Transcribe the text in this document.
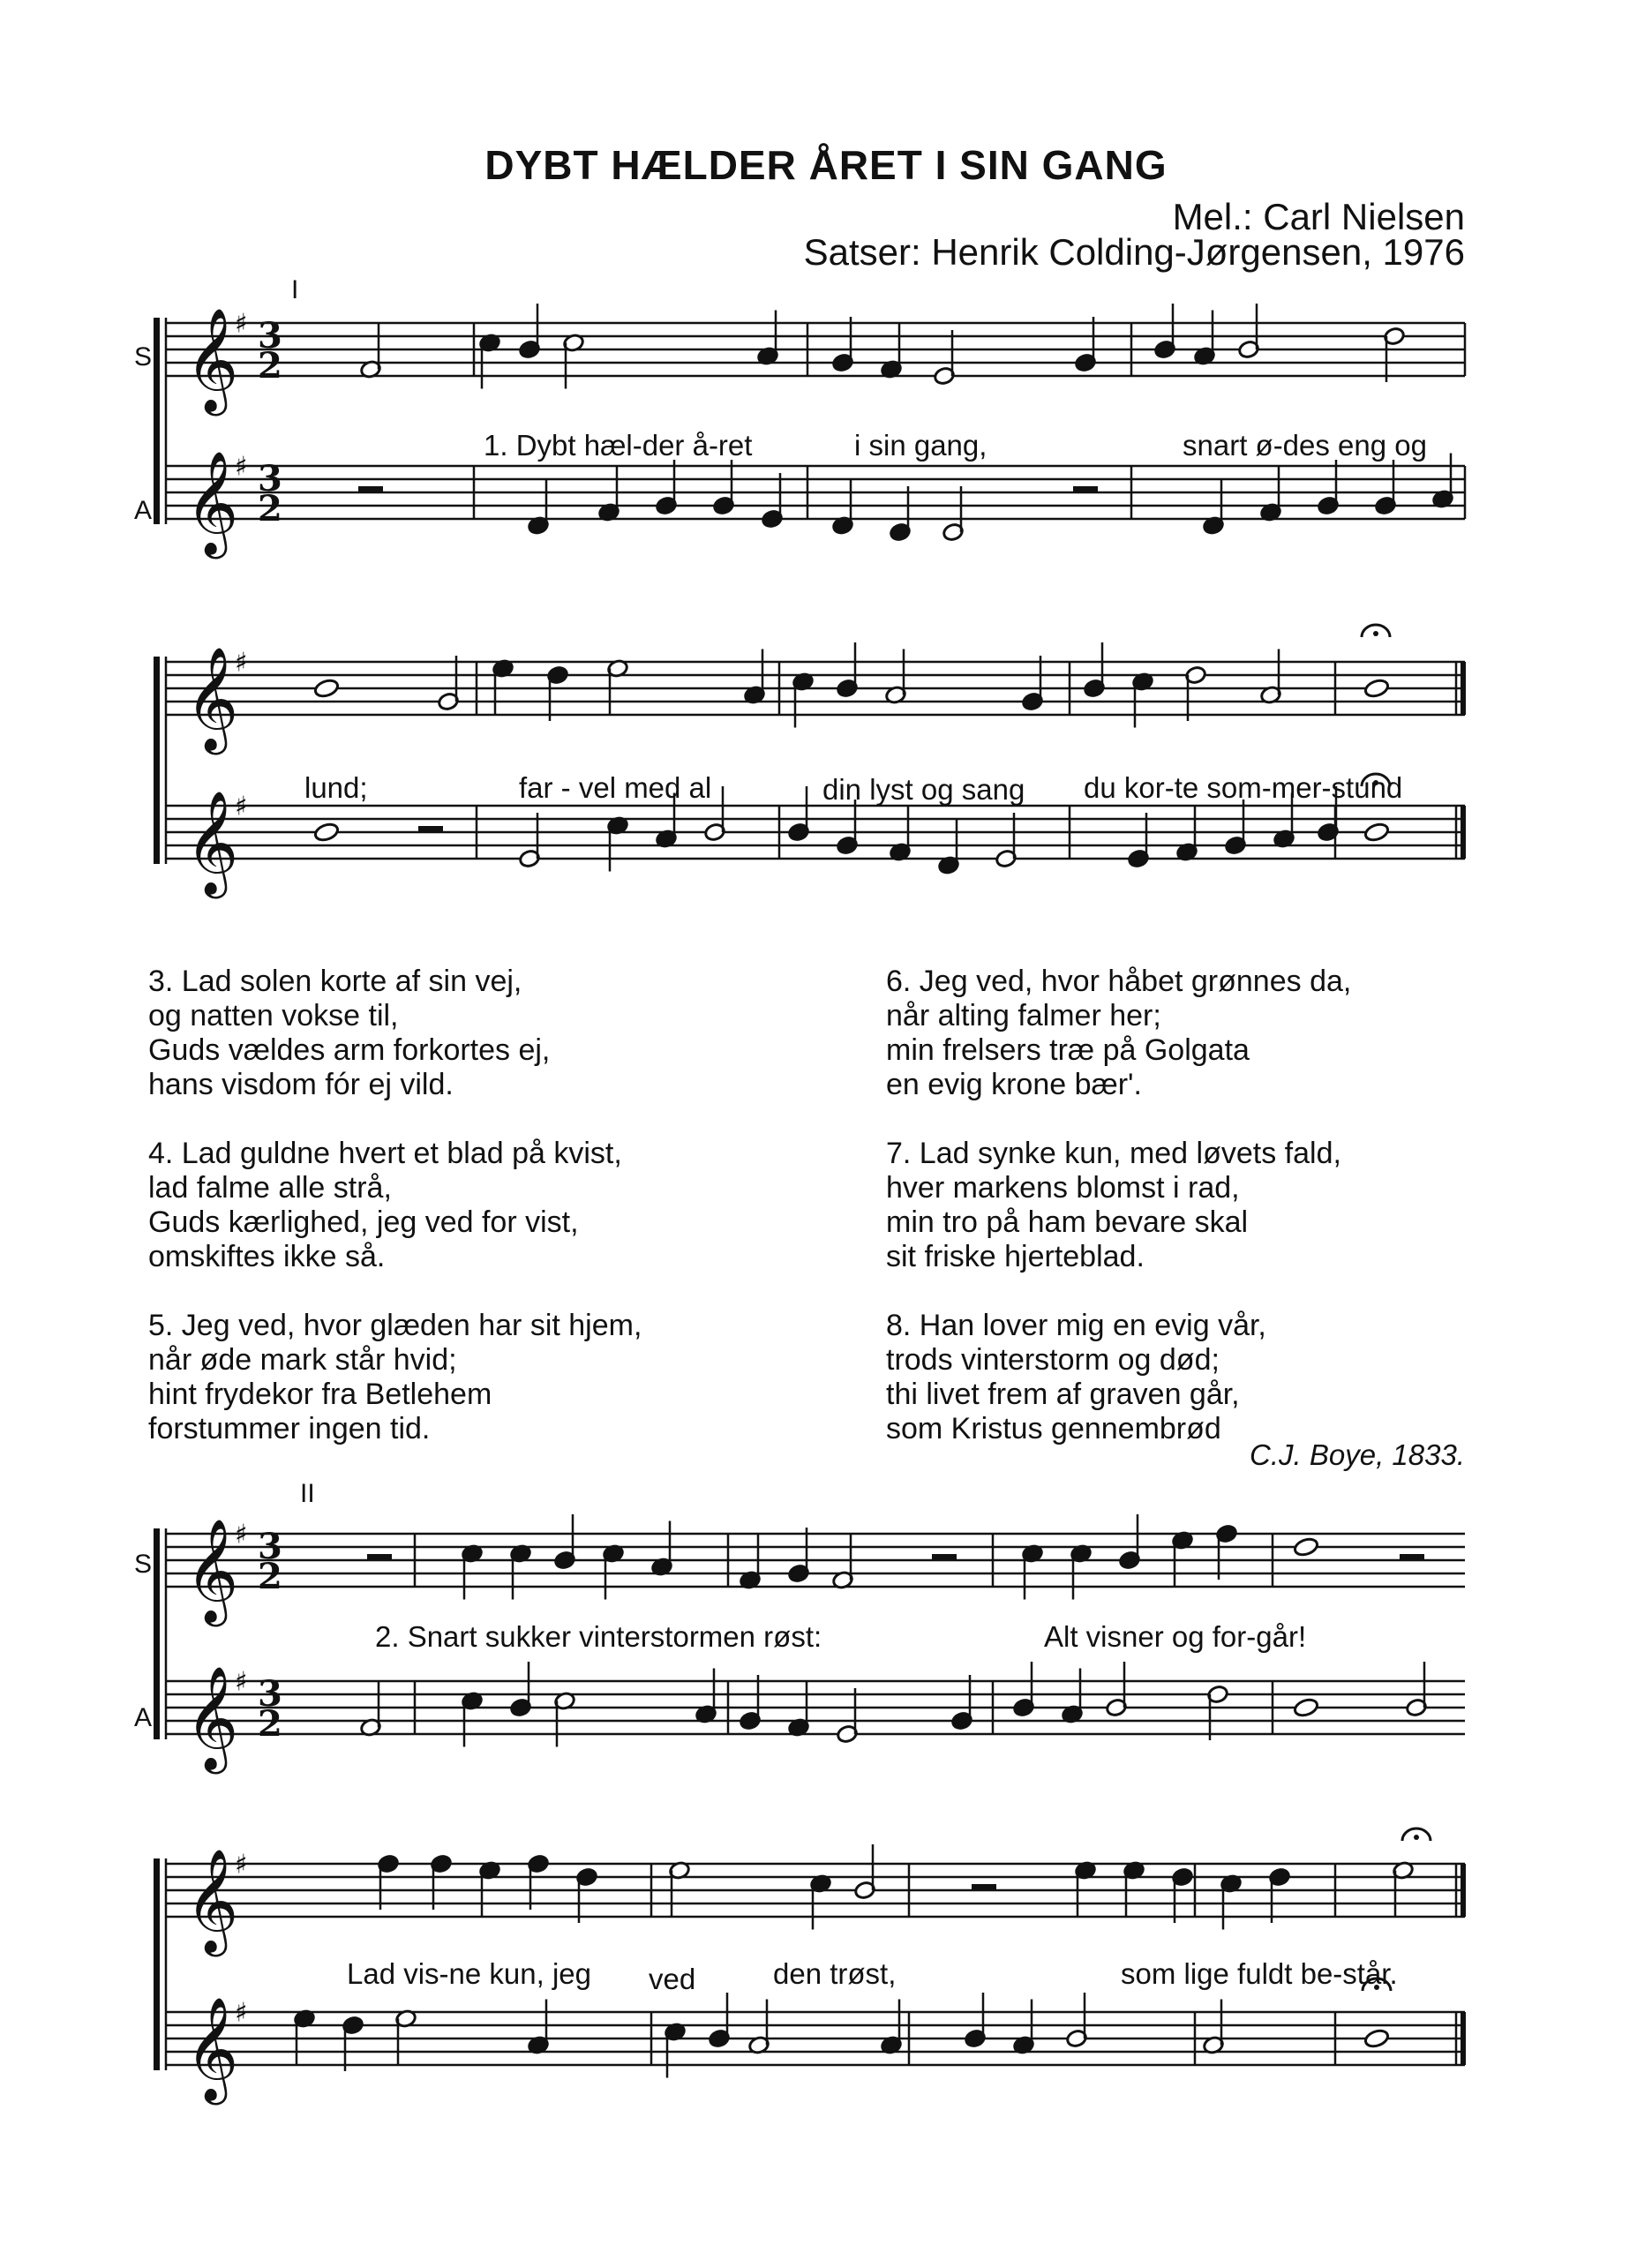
DYBT HÆLDER ÅRET I SIN GANG
Mel.: Carl Nielsen
Satser: Henrik Colding-Jørgensen, 1976
I
II
S
A
S
A
𝄞
♯ 3
2
𝄞
♯ 3
2
𝄞
♯
𝄞
♯
𝄞
♯ 3
2
𝄞
♯ 3
2
𝄞
♯
𝄞
♯
1. Dybt hæl-der å-ret	i sin gang,	snart ø-des eng og
lund;	far - vel med al	din lyst og sang du kor-te som-mer-stund
3. Lad solen korte af sin vej,
og natten vokse til,
Guds vældes arm forkortes ej,
hans visdom fór ej vild.
4. Lad guldne hvert et blad på kvist,
lad falme alle strå,
Guds kærlighed, jeg ved for vist,
omskiftes ikke så.
5. Jeg ved, hvor glæden har sit hjem,
når øde mark står hvid;
hint frydekor fra Betlehem
forstummer ingen tid.
6. Jeg ved, hvor håbet grønnes da,
når alting falmer her;
min frelsers træ på Golgata
en evig krone bær'.
7. Lad synke kun, med løvets fald,
hver markens blomst i rad,
min tro på ham bevare skal
sit friske hjerteblad.
8. Han lover mig en evig vår,
trods vinterstorm og død;
thi livet frem af graven går,
som Kristus gennembrød
C.J. Boye, 1833.
2. Snart sukker vinterstormen røst:	Alt visner og for-går!
Lad vis-ne kun, jeg ved	den trøst,	som lige fuldt be-står.
